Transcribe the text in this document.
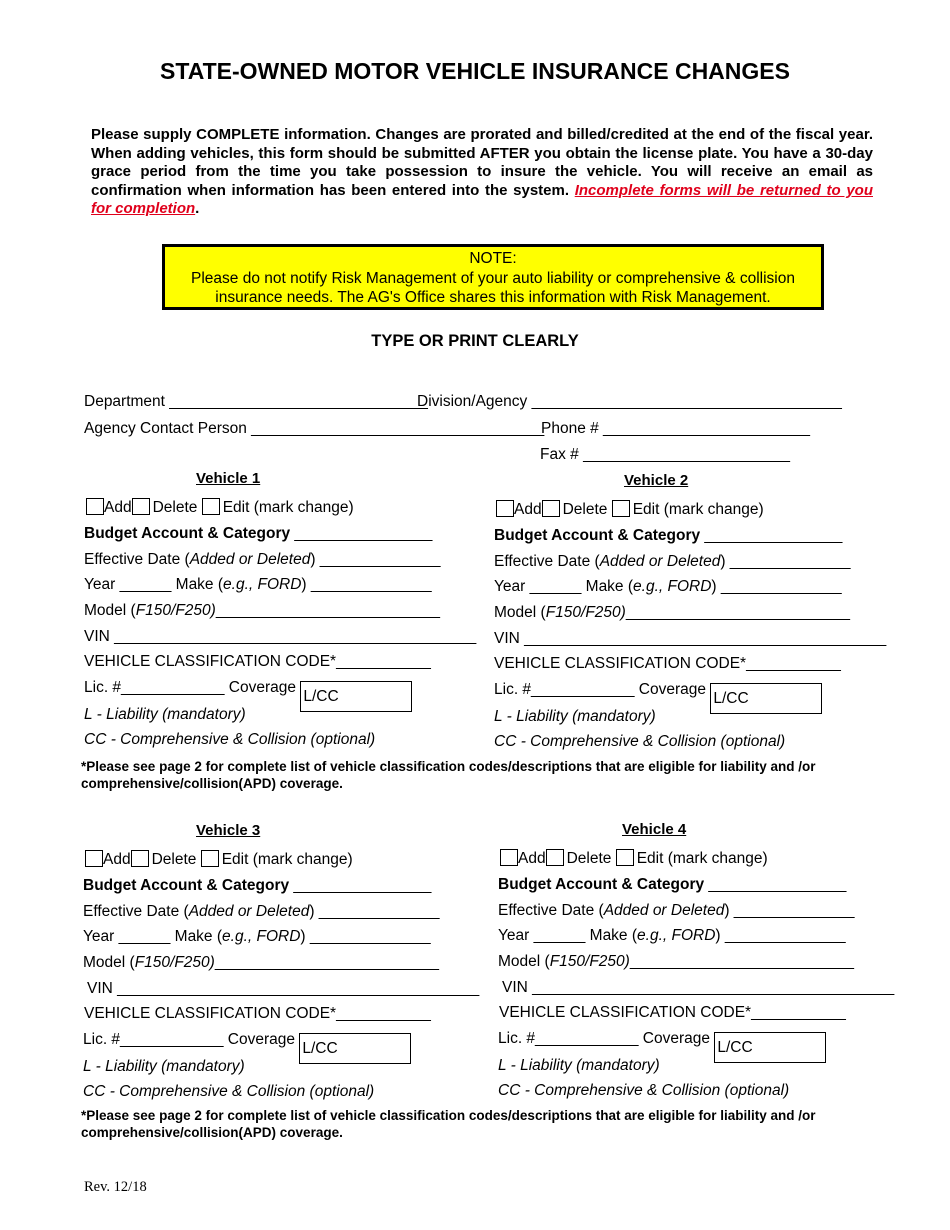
STATE-OWNED MOTOR VEHICLE INSURANCE CHANGES
Please supply COMPLETE information. Changes are prorated and billed/credited at the end of the fiscal year. When adding vehicles, this form should be submitted AFTER you obtain the license plate. You have a 30-day grace period from the time you take possession to insure the vehicle. You will receive an email as confirmation when information has been entered into the system. Incomplete forms will be returned to you for completion.
NOTE:
Please do not notify Risk Management of your auto liability or comprehensive & collision insurance needs. The AG's Office shares this information with Risk Management.
TYPE OR PRINT CLEARLY
Department ______________________________
Division/Agency ____________________________________
Agency Contact Person __________________________________
Phone # ________________________
Fax # ________________________
Vehicle 1
Add Delete Edit (mark change)
Budget Account & Category ________________
Effective Date (Added or Deleted) ______________
Year ______ Make (e.g., FORD) ______________
Model (F150/F250)__________________________
VIN __________________________________________
VEHICLE CLASSIFICATION CODE*___________
Lic. #____________ Coverage L/CC
L - Liability (mandatory)
CC - Comprehensive & Collision (optional)
Vehicle 2
Add Delete Edit (mark change)
Budget Account & Category ________________
Effective Date (Added or Deleted) ______________
Year ______ Make (e.g., FORD) ______________
Model (F150/F250)__________________________
VIN __________________________________________
VEHICLE CLASSIFICATION CODE*___________
Lic. #____________ Coverage L/CC
L - Liability (mandatory)
CC - Comprehensive & Collision (optional)
Vehicle 3
Add Delete Edit (mark change)
Budget Account & Category ________________
Effective Date (Added or Deleted) ______________
Year ______ Make (e.g., FORD) ______________
Model (F150/F250)__________________________
VIN __________________________________________
VEHICLE CLASSIFICATION CODE*___________
Lic. #____________ Coverage L/CC
L - Liability (mandatory)
CC - Comprehensive & Collision (optional)
Vehicle 4
Add Delete Edit (mark change)
Budget Account & Category ________________
Effective Date (Added or Deleted) ______________
Year ______ Make (e.g., FORD) ______________
Model (F150/F250)__________________________
VIN __________________________________________
VEHICLE CLASSIFICATION CODE*___________
Lic. #____________ Coverage L/CC
L - Liability (mandatory)
CC - Comprehensive & Collision (optional)
*Please see page 2 for complete list of vehicle classification codes/descriptions that are eligible for liability and /or comprehensive/collision(APD) coverage.
*Please see page 2 for complete list of vehicle classification codes/descriptions that are eligible for liability and /or comprehensive/collision(APD) coverage.
Rev. 12/18
